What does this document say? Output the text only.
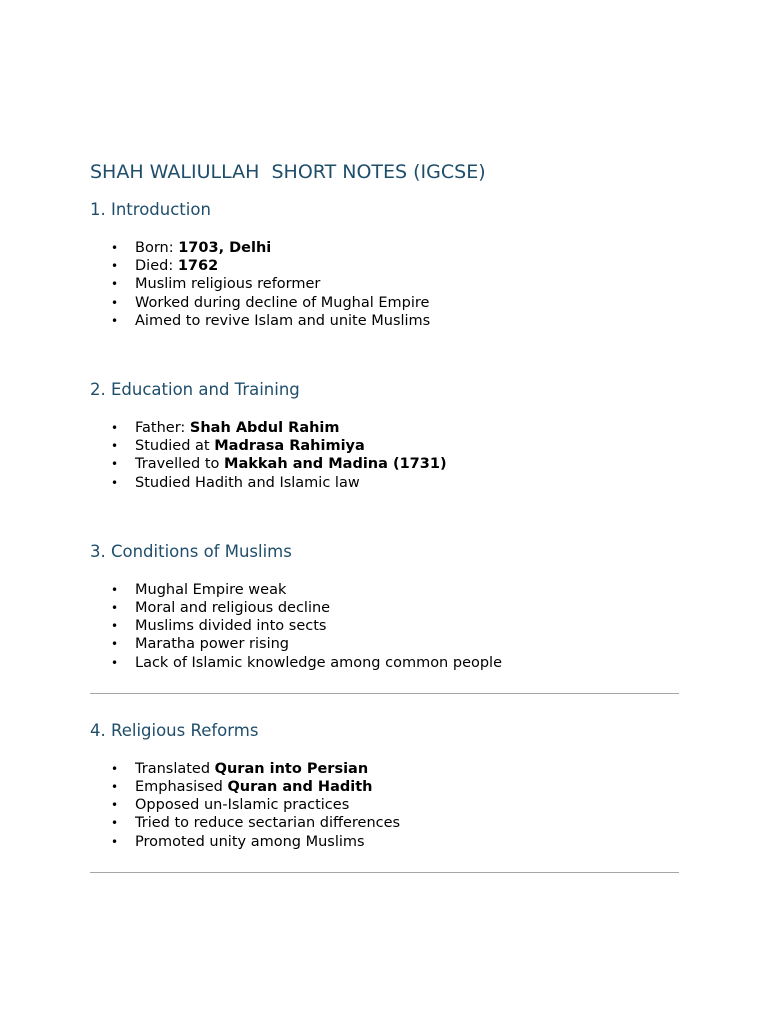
SHAH WALIULLAH  SHORT NOTES (IGCSE)
1. Introduction
• Born: 1703, Delhi
• Died: 1762
• Muslim religious reformer
• Worked during decline of Mughal Empire
• Aimed to revive Islam and unite Muslims
2. Education and Training
• Father: Shah Abdul Rahim
• Studied at Madrasa Rahimiya
• Travelled to Makkah and Madina (1731)
• Studied Hadith and Islamic law
3. Conditions of Muslims
• Mughal Empire weak
• Moral and religious decline
• Muslims divided into sects
• Maratha power rising
• Lack of Islamic knowledge among common people
4. Religious Reforms
• Translated Quran into Persian
• Emphasised Quran and Hadith
• Opposed un-Islamic practices
• Tried to reduce sectarian differences
• Promoted unity among Muslims
